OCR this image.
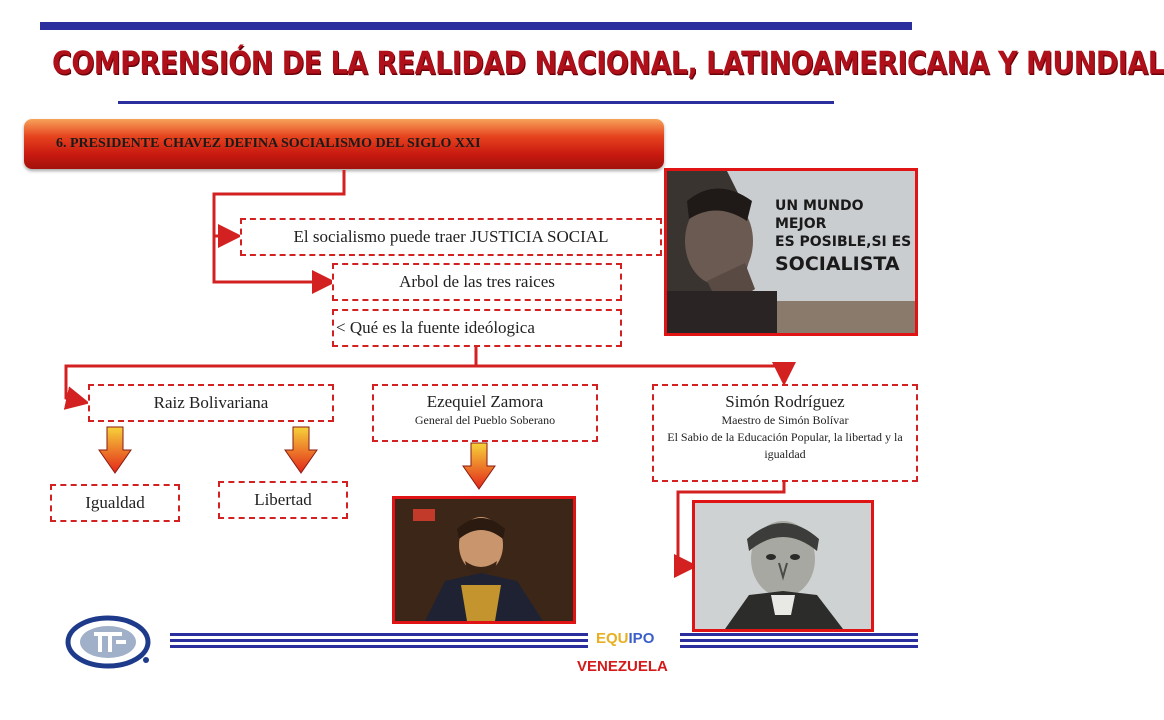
COMPRENSIÓN DE LA REALIDAD NACIONAL, LATINOAMERICANA Y MUNDIAL
6. PRESIDENTE CHAVEZ DEFINA SOCIALISMO DEL SIGLO XXI
El socialismo puede traer JUSTICIA SOCIAL
Arbol de las tres raices
< Qué es la fuente ideólogica
Raiz Bolivariana	Ezequiel Zamora
General del Pueblo Soberano
Simón Rodríguez
Maestro de Simón Bolívar
El Sabio de la Educación Popular, la libertad y la igualdad
Igualdad	Libertad
UN MUNDO MEJOR
ES POSIBLE,SI ES
SOCIALISTA
EQUIPO
VENEZUELA
